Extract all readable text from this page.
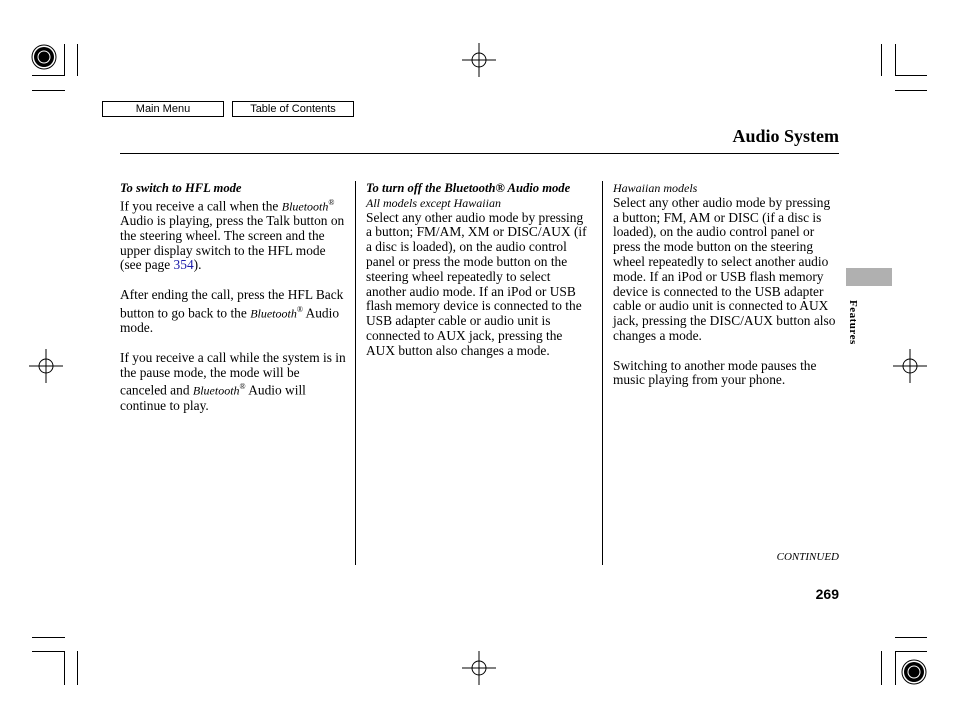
Main Menu	Table of Contents
Audio System
To switch to HFL mode

If you receive a call when the Bluetooth® Audio is playing, press the Talk button on the steering wheel. The screen and the upper display switch to the HFL mode (see page 354).

After ending the call, press the HFL Back button to go back to the Bluetooth® Audio mode.

If you receive a call while the system is in the pause mode, the mode will be canceled and Bluetooth® Audio will continue to play.

To turn off the Bluetooth® Audio mode
All models except Hawaiian

Select any other audio mode by pressing a button; FM/AM, XM or DISC/AUX (if a disc is loaded), on the audio control panel or press the mode button on the steering wheel repeatedly to select another audio mode. If an iPod or USB flash memory device is connected to the USB adapter cable or audio unit is connected to AUX jack, pressing the AUX button also changes a mode.

Hawaiian models

Select any other audio mode by pressing a button; FM, AM or DISC (if a disc is loaded), on the audio control panel or press the mode button on the steering wheel repeatedly to select another audio mode. If an iPod or USB flash memory device is connected to the USB adapter cable or audio unit is connected to AUX jack, pressing the DISC/AUX button also changes a mode.

Switching to another mode pauses the music playing from your phone.

Features
CONTINUED
269
